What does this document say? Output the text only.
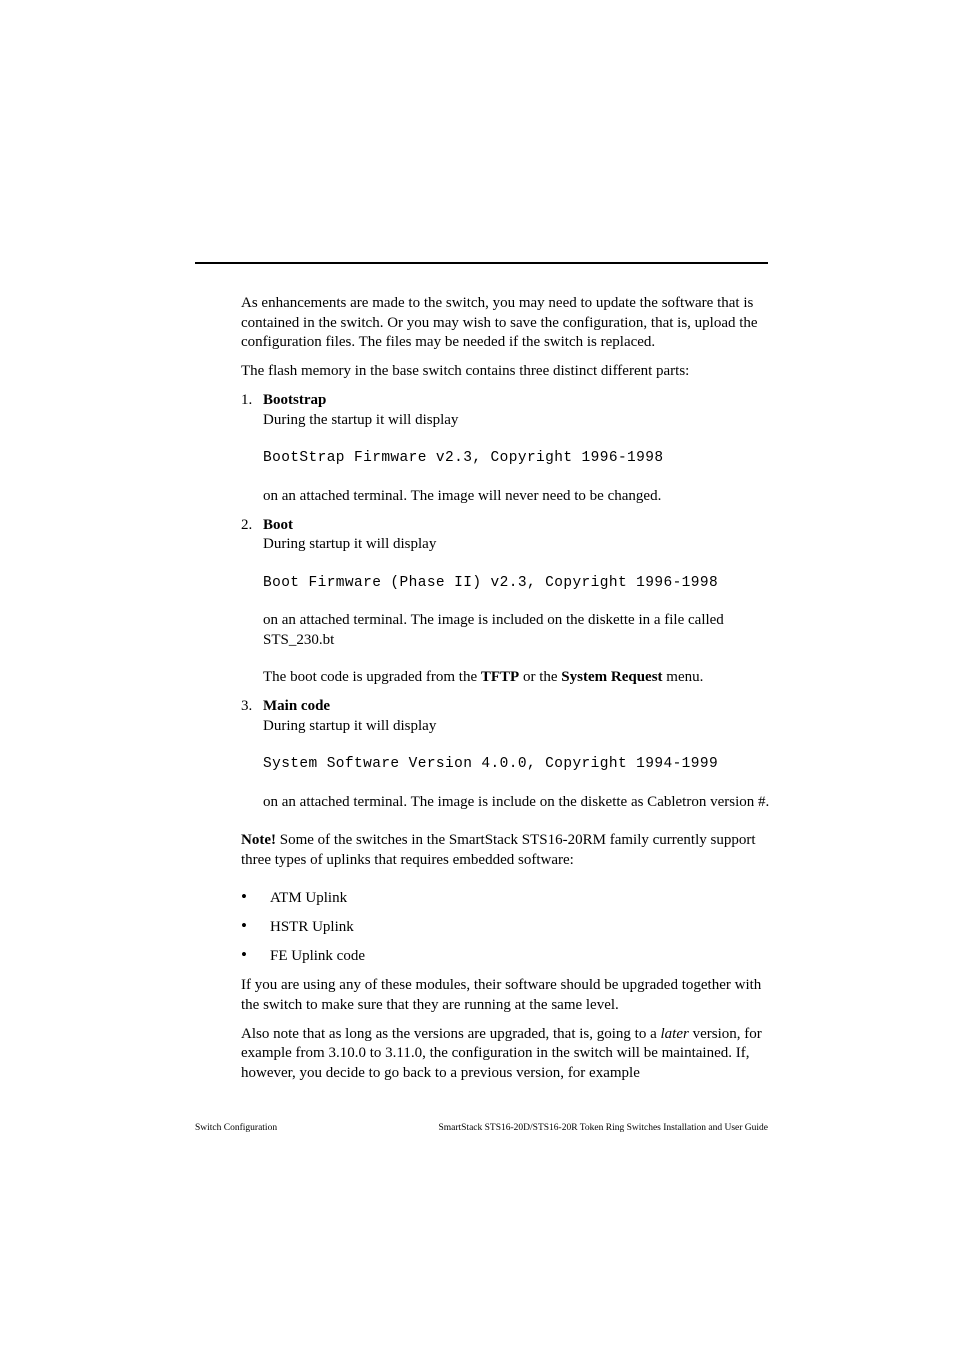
As enhancements are made to the switch, you may need to update the software that is contained in the switch. Or you may wish to save the configuration, that is, upload the configuration files. The files may be needed if the switch is replaced.

The flash memory in the base switch contains three distinct different parts:

1. Bootstrap

During the startup it will display

BootStrap Firmware v2.3, Copyright 1996-1998

on an attached terminal. The image will never need to be changed.

2. Boot

During startup it will display

Boot Firmware (Phase II) v2.3, Copyright 1996-1998

on an attached terminal. The image is included on the diskette in a file called STS_230.bt

The boot code is upgraded from the TFTP or the System Request menu.

3. Main code

During startup it will display

System Software Version 4.0.0, Copyright 1994-1999

on an attached terminal. The image is include on the diskette as Cabletron version #.

Note! Some of the switches in the SmartStack STS16-20RM family currently support three types of uplinks that requires embedded software:

• ATM Uplink
• HSTR Uplink
• FE Uplink code

If you are using any of these modules, their software should be upgraded together with the switch to make sure that they are running at the same level.

Also note that as long as the versions are upgraded, that is, going to a later version, for example from 3.10.0 to 3.11.0, the configuration in the switch will be maintained. If, however, you decide to go back to a previous version, for example

Switch Configuration	SmartStack STS16-20D/STS16-20R Token Ring Switches Installation and User Guide
